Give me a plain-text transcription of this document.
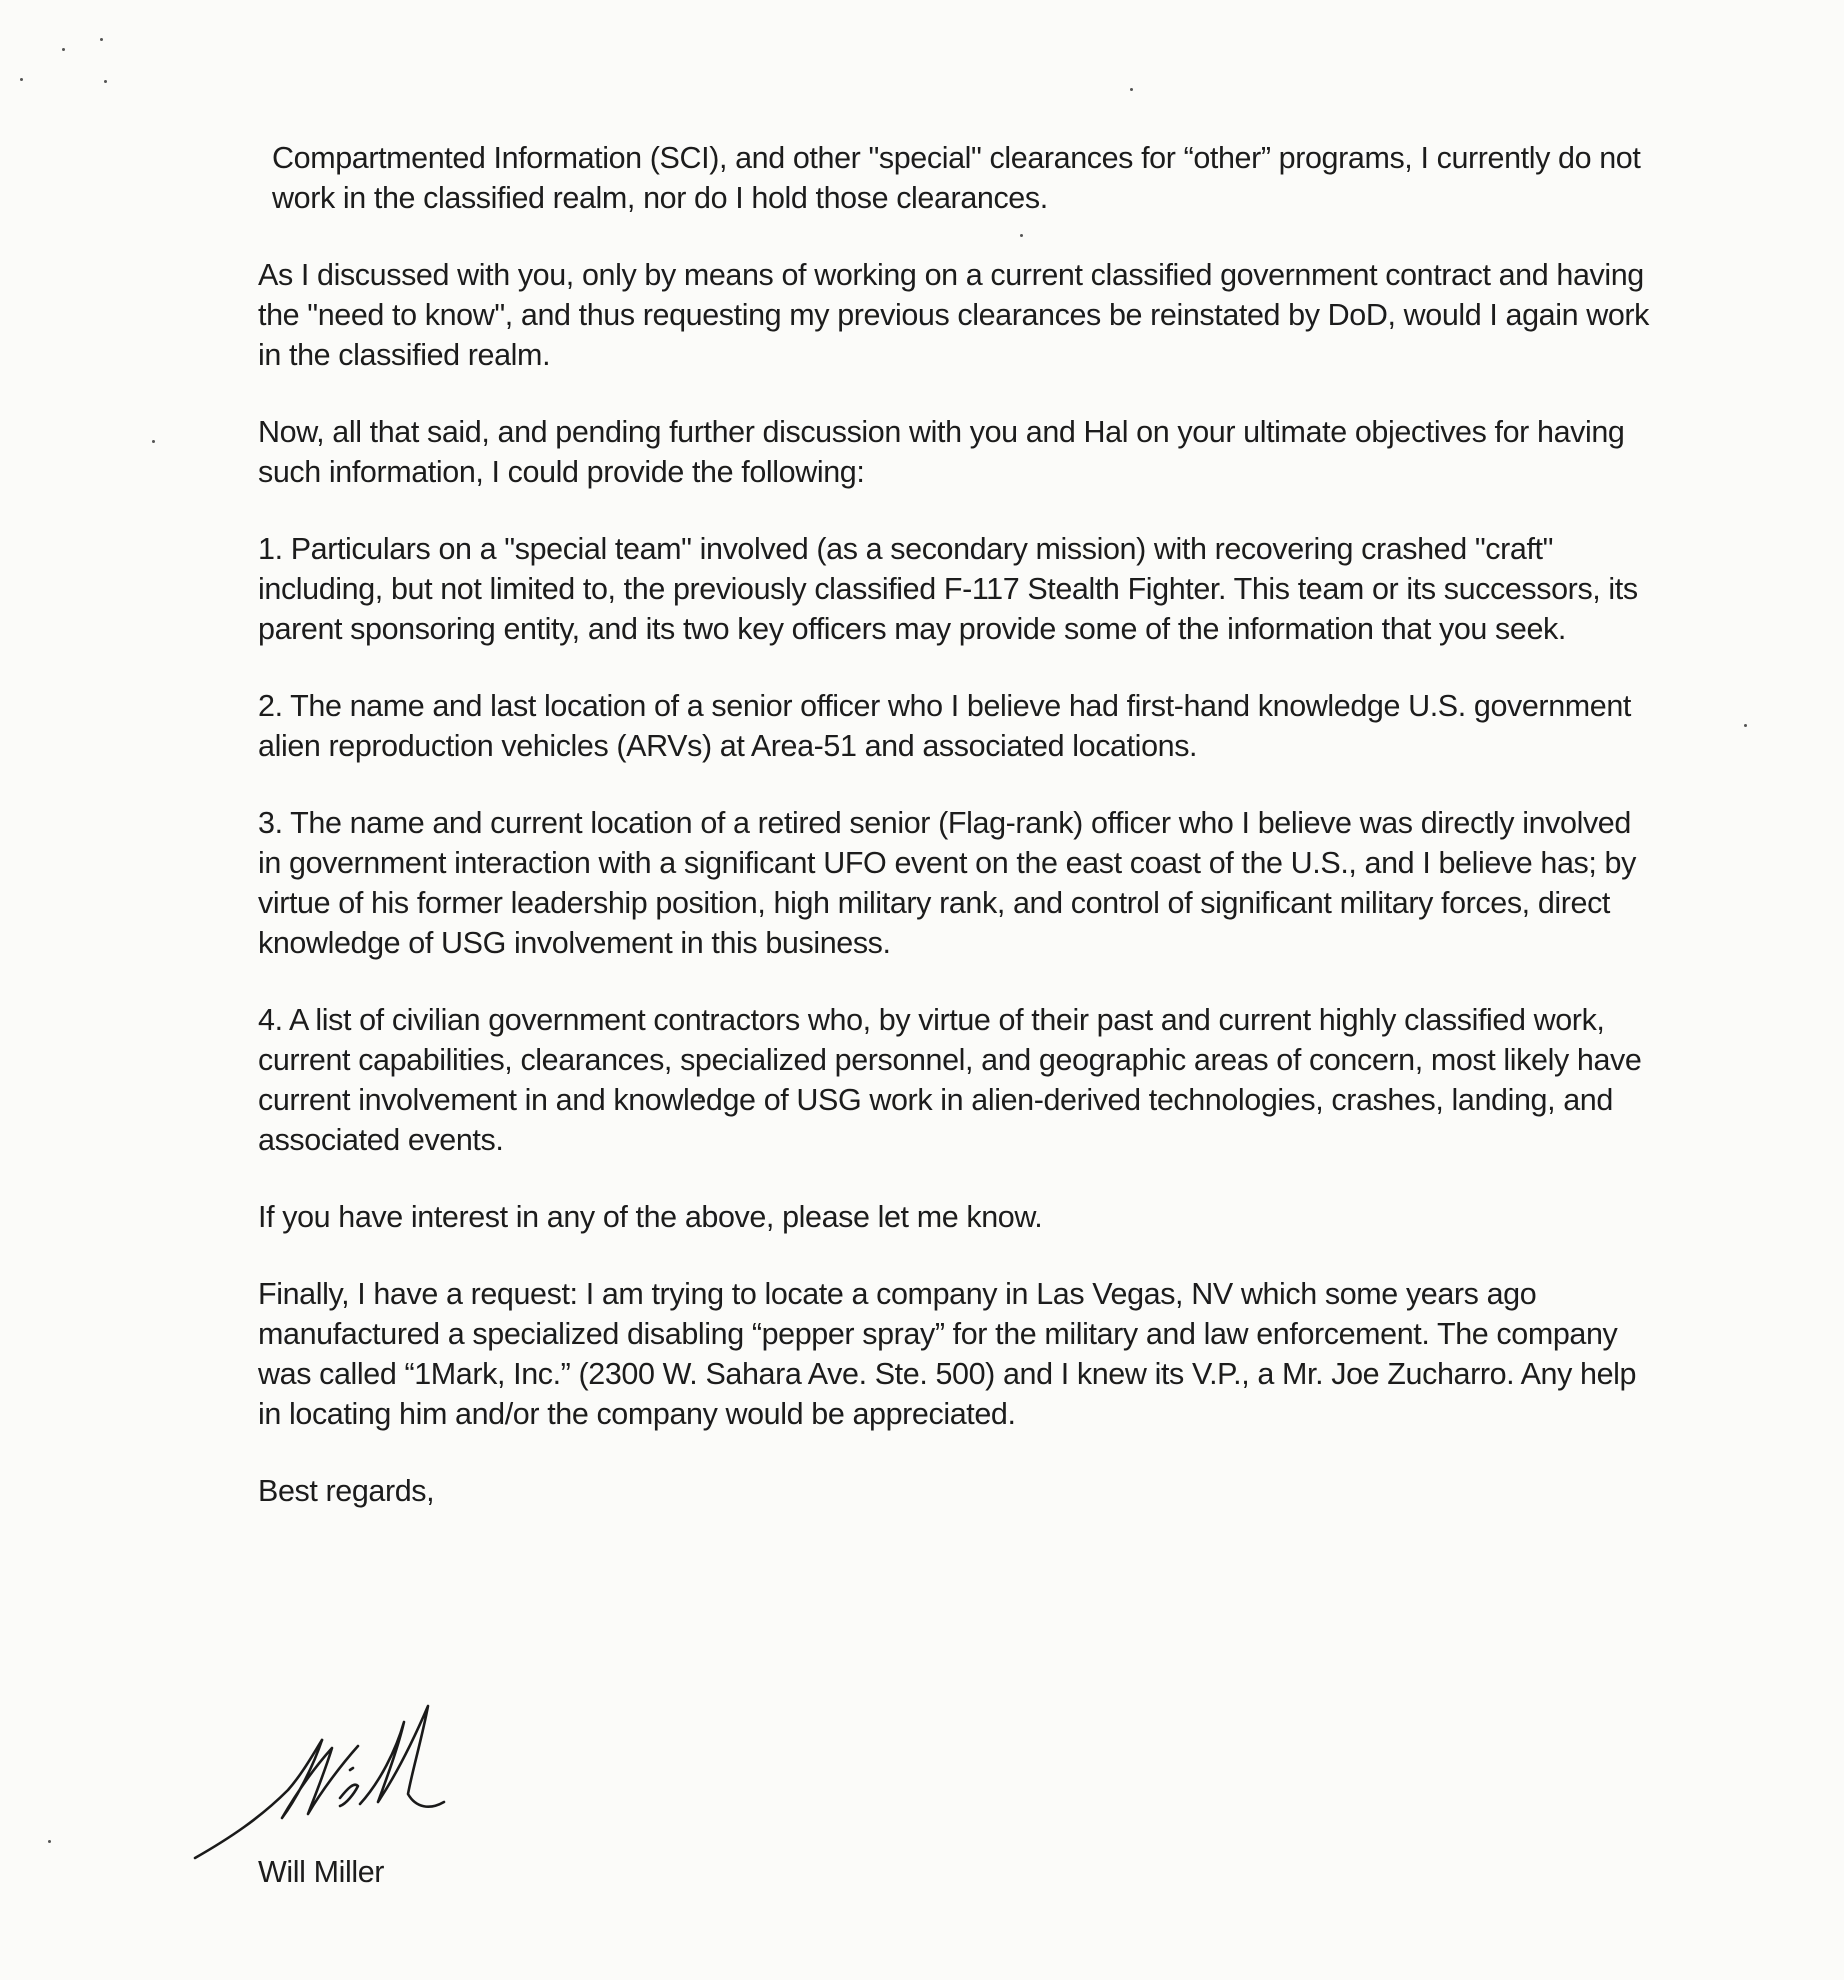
Compartmented Information (SCI), and other "special" clearances for “other” programs, I currently do not work in the classified realm, nor do I hold those clearances.

As I discussed with you, only by means of working on a current classified government contract and having the "need to know", and thus requesting my previous clearances be reinstated by DoD, would I again work in the classified realm.

Now, all that said, and pending further discussion with you and Hal on your ultimate objectives for having such information, I could provide the following:

1. Particulars on a "special team" involved (as a secondary mission) with recovering crashed "craft" including, but not limited to, the previously classified F-117 Stealth Fighter. This team or its successors, its parent sponsoring entity, and its two key officers may provide some of the information that you seek.

2. The name and last location of a senior officer who I believe had first-hand knowledge U.S. government alien reproduction vehicles (ARVs) at Area-51 and associated locations.

3. The name and current location of a retired senior (Flag-rank) officer who I believe was directly involved in government interaction with a significant UFO event on the east coast of the U.S., and I believe has; by virtue of his former leadership position, high military rank, and control of significant military forces, direct knowledge of USG involvement in this business.

4. A list of civilian government contractors who, by virtue of their past and current highly classified work, current capabilities, clearances, specialized personnel, and geographic areas of concern, most likely have current involvement in and knowledge of USG work in alien-derived technologies, crashes, landing, and associated events.

If you have interest in any of the above, please let me know.

Finally, I have a request: I am trying to locate a company in Las Vegas, NV which some years ago manufactured a specialized disabling “pepper spray” for the military and law enforcement. The company was called “1Mark, Inc.” (2300 W. Sahara Ave. Ste. 500) and I knew its V.P., a Mr. Joe Zucharro. Any help in locating him and/or the company would be appreciated.

Best regards,

Will Miller
